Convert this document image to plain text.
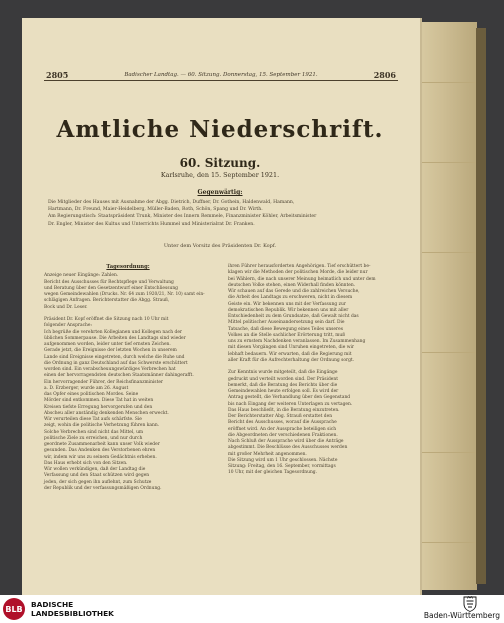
2805	Badischer Landtag. — 60. Sitzung. Donnerstag, 15. September 1921.	2806
Amtliche Niederschrift.
60. Sitzung.
Karlsruhe, den 15. September 1921.
Gegenwärtig:

Die Mitglieder des Hauses mit Ausnahme der Abgg. Dietrich, Duffner, Dr. Gothein, Haldenwald, Hamann,

Hartmann, Dr. Freund, Maier-Heidelberg, Müller-Baden, Roth, Schön, Spang und Dr. Wirth.

Am Regierungstisch: Staatspräsident Trunk, Minister des Innern Remmele, Finanzminister Köhler, Arbeitsminister

Dr. Engler, Minister des Kultus und Unterrichts Hummel und Ministerialrat Dr. Franken.

Unter dem Vorsitz des Präsidenten Dr. Kopf.

Tagesordnung:

Anzeige neuer Eingänge: Zahlen.

Bericht des Ausschusses für Rechtspflege und Verwaltung

und Beratung über den Gesetzentwurf einer Entschliessung

wegen Gemeindewahlen (Drucks. Nr. 64 zum 1920/21, Nr. 10) samt ein-

schlägigen Anfragen. Berichterstatter die Abgg. Strauß,

Bock und Dr. Leser.

Präsident Dr. Kopf eröffnet die Sitzung nach 10 Uhr mit

folgender Ansprache:

Ich begrüße die verehrten Kollegianen und Kollegen nach der

üblichen Sommerpause. Die Arbeiten des Landtags sind wieder

aufgenommen worden, leider unter tief ernsten Zeichen.

Gerade jetzt, die Ereignisse der letzten Wochen in unserem

Lande sind Ereignisse eingetreten, durch welche die Ruhe und

die Ordnung in ganz Deutschland auf das Schwerste erschüttert

worden sind. Ein verabscheuungswürdiges Verbrechen hat

einen der hervorragendsten deutschen Staatsmänner dahingerafft.

Ein hervorragender Führer, der Reichsfinanzminister

a. D. Erzberger, wurde am 26. August

das Opfer eines politischen Mordes. Seine

Mörder sind entkommen. Diese Tat hat in weiten

Kreisen tiefste Erregung hervorgerufen und den

Abscheu aller anständig denkenden Menschen erweckt.

Wir verurteilen diese Tat aufs schärfste. Sie

zeigt, wohin die politische Verhetzung führen kann.

Solche Verbrechen sind nicht das Mittel, um

politische Ziele zu erreichen, und nur durch

geordnete Zusammenarbeit kann unser Volk wieder

gesunden. Das Andenken des Verstorbenen ehren

wir, indem wir uns zu seinem Gedächtnis erheben.

Das Haus erhebt sich von den Sitzen.

Wir wollen verkündigen, daß der Landtag die

Verfassung und den Staat schützen wird gegen

jeden, der sich gegen ihn auflehnt, zum Schutze

der Republik und der verfassungsmäßigen Ordnung.

ihren Führer herausforderten Angehörigen. Tief erschüttert be-

klagen wir die Methoden der politischen Morde, die leider nur

bei Wählern, die nach unserer Meinung heimatlich und unter dem

deutschen Volke stehen, einen Widerhall finden könnten.

Wir schauen auf das Gerede und die zahlreichen Versuche,

die Arbeit des Landtags zu erschweren, nicht in diesem

Geiste ein. Wir bekennen uns mit der Verfassung zur

demokratischen Republik. Wir bekennen uns mit aller

Entschiedenheit zu dem Grundsatze, daß Gewalt nicht das

Mittel politischer Auseinandersetzung sein darf. Die

Tatsache, daß diese Bewegung eines Teiles unseres

Volkes an die Stelle sachlicher Erörterung tritt, muß

uns zu ernstem Nachdenken veranlassen. Im Zusammenhang

mit diesen Vorgängen sind Unruhen eingetreten, die wir

lebhaft bedauern. Wir erwarten, daß die Regierung mit

aller Kraft für die Aufrechterhaltung der Ordnung sorgt.

Zur Kenntnis wurde mitgeteilt, daß die Eingänge

gedruckt und verteilt worden sind. Der Präsident

bemerkt, daß die Beratung des Berichts über die

Gemeindewahlen heute erfolgen soll. Es wird der

Antrag gestellt, die Verhandlung über den Gegenstand

bis nach Eingang der weiteren Unterlagen zu vertagen.

Das Haus beschließt, in die Beratung einzutreten.

Der Berichterstatter Abg. Strauß erstattet den

Bericht des Ausschusses, worauf die Aussprache

eröffnet wird. An der Aussprache beteiligen sich

die Abgeordneten der verschiedenen Fraktionen.

Nach Schluß der Aussprache wird über die Anträge

abgestimmt. Die Beschlüsse des Ausschusses werden

mit großer Mehrheit angenommen.

Die Sitzung wird um 1 Uhr geschlossen. Nächste

Sitzung: Freitag, den 16. September, vormittags

10 Uhr, mit der gleichen Tagesordnung.

BLB	BADISCHE
LANDESBIBLIOTHEK	Baden-Württemberg
